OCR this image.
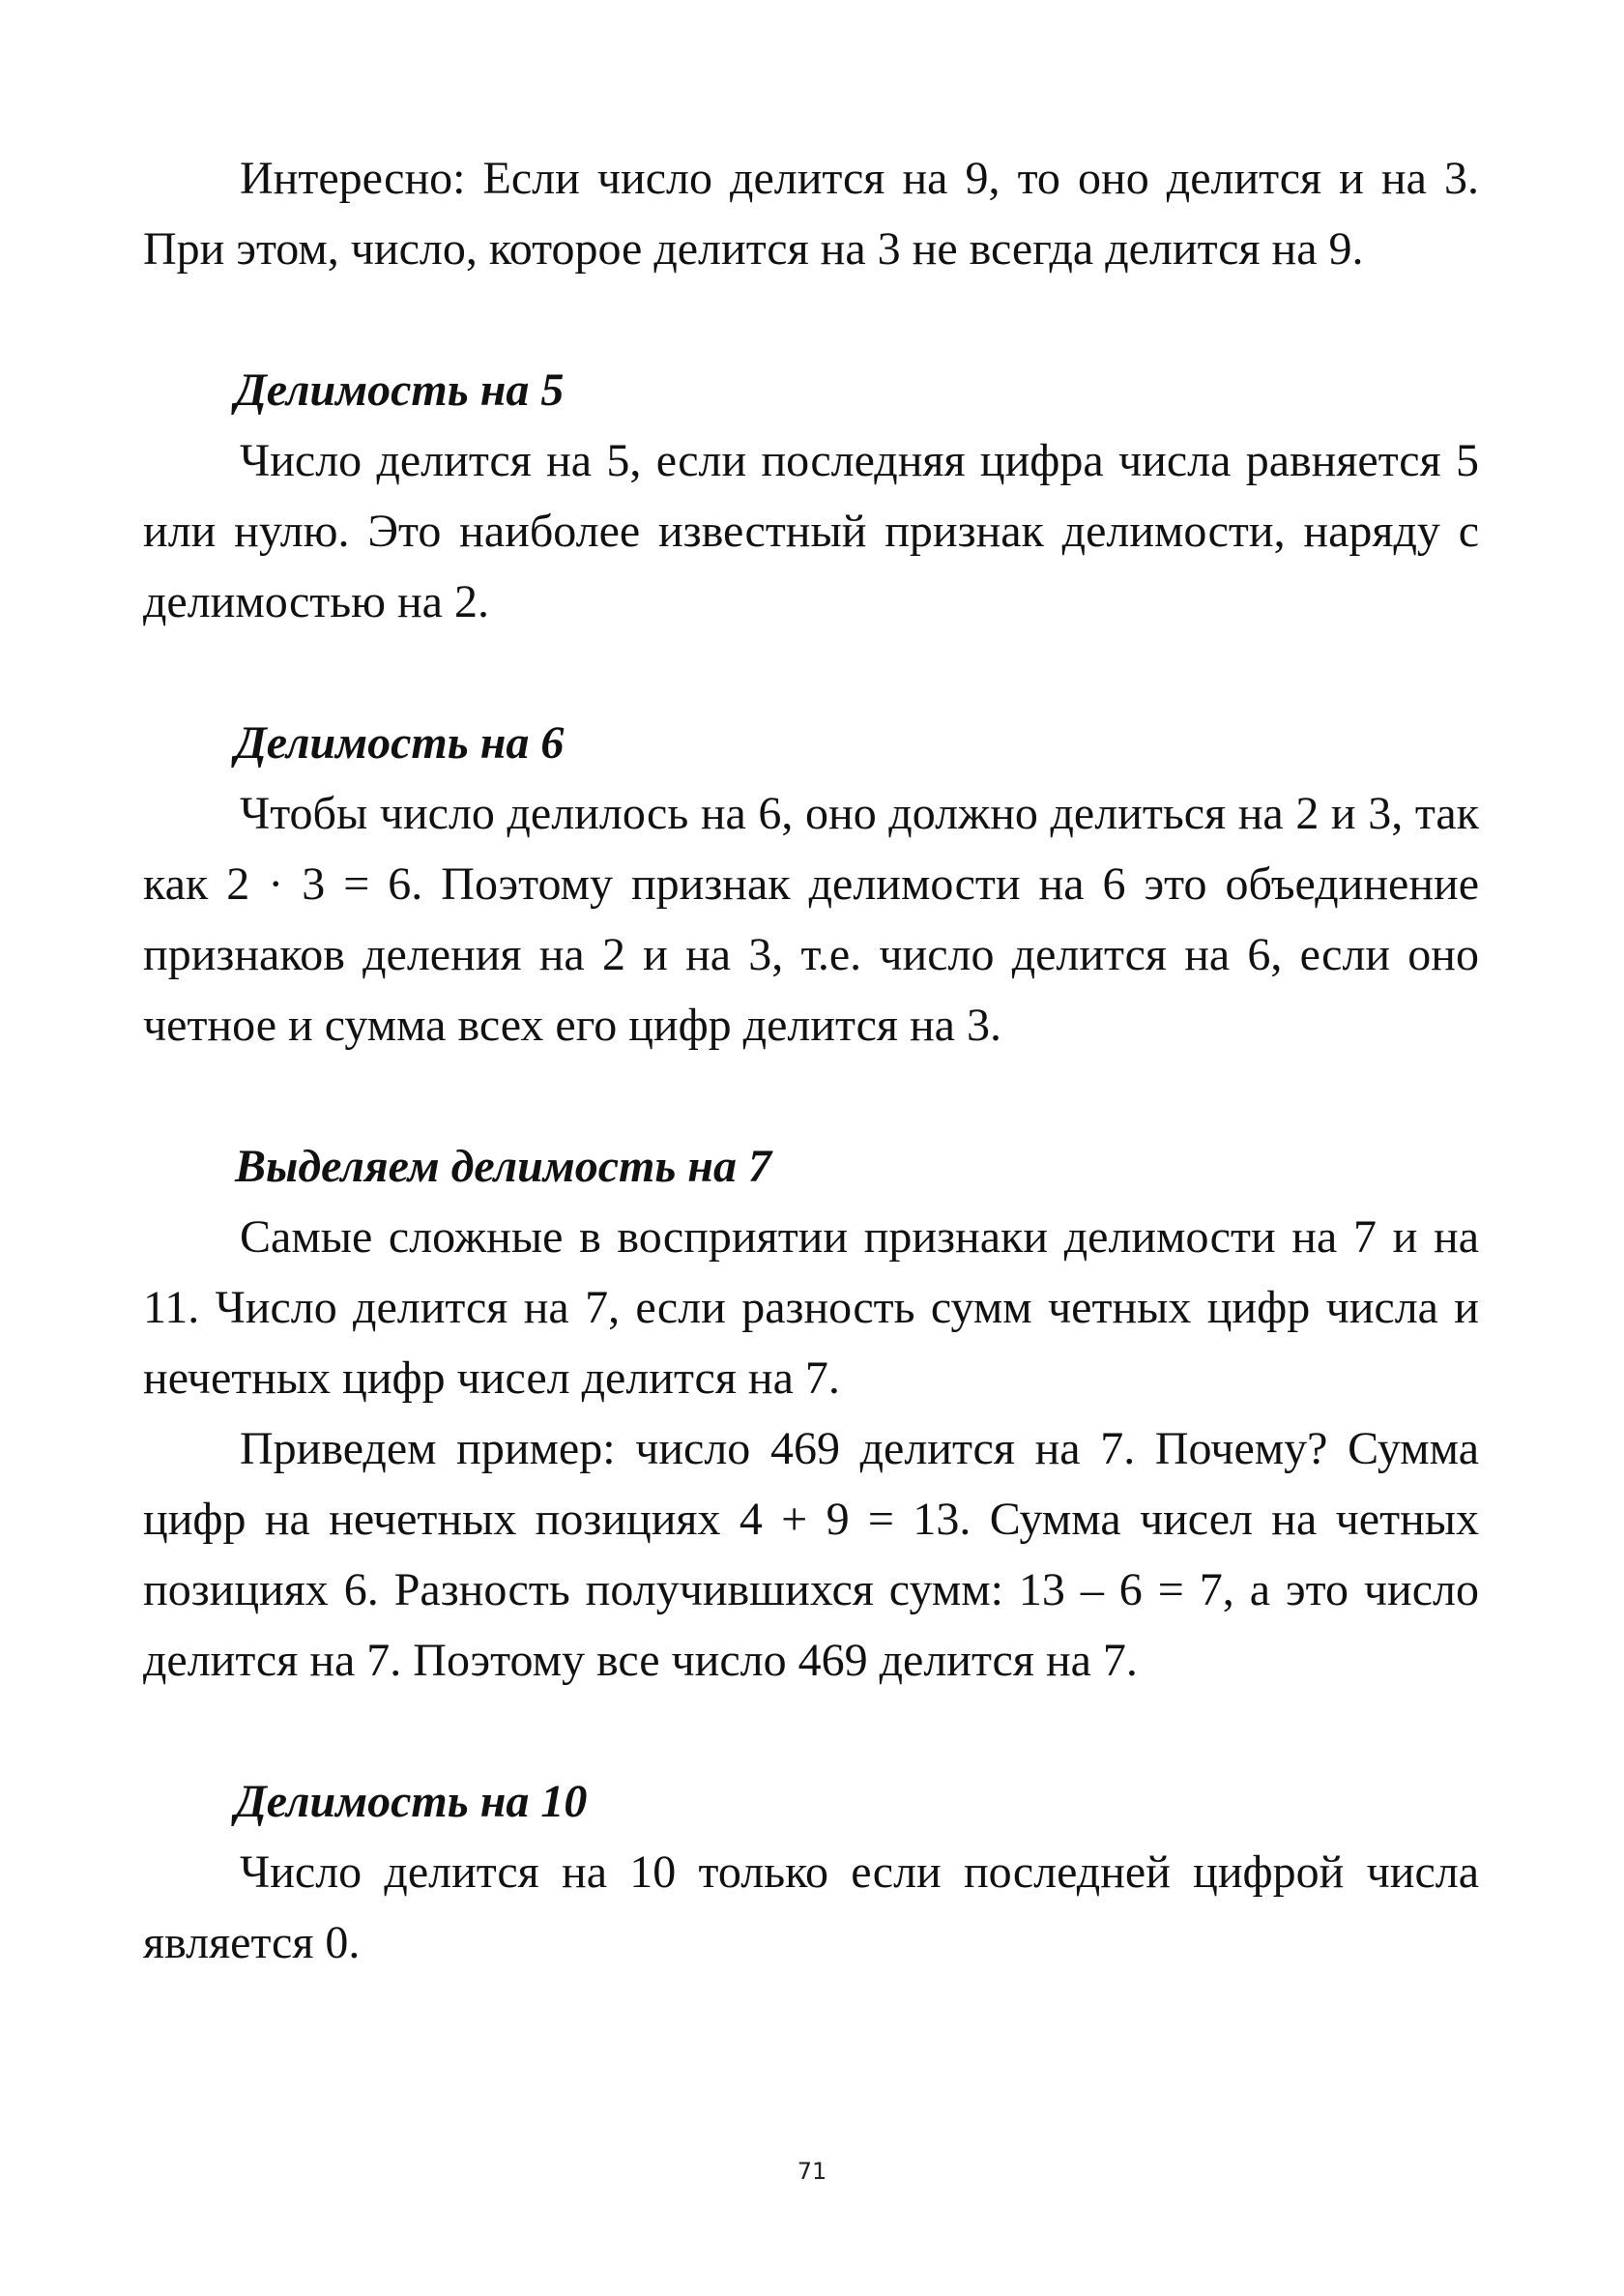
Интересно: Если число делится на 9, то оно делится и на 3. При этом, число, которое делится на 3 не всегда делится на 9.

Делимость на 5

Число делится на 5, если последняя цифра числа равняется 5 или нулю. Это наиболее известный признак делимости, наряду с делимостью на 2.

Делимость на 6

Чтобы число делилось на 6, оно должно делиться на 2 и 3, так как 2 · 3 = 6. Поэтому признак делимости на 6 это объединение признаков деления на 2 и на 3, т.е. число делится на 6, если оно четное и сумма всех его цифр делится на 3.

Выделяем делимость на 7

Самые сложные в восприятии признаки делимости на 7 и на 11. Число делится на 7, если разность сумм четных цифр числа и нечетных цифр чисел делится на 7.

Приведем пример: число 469 делится на 7. Почему? Сумма цифр на нечетных позициях 4 + 9 = 13. Сумма чисел на четных позициях 6. Разность получившихся сумм: 13 – 6 = 7, а это число делится на 7. Поэтому все число 469 делится на 7.

Делимость на 10

Число делится на 10 только если последней цифрой числа является 0.

71
